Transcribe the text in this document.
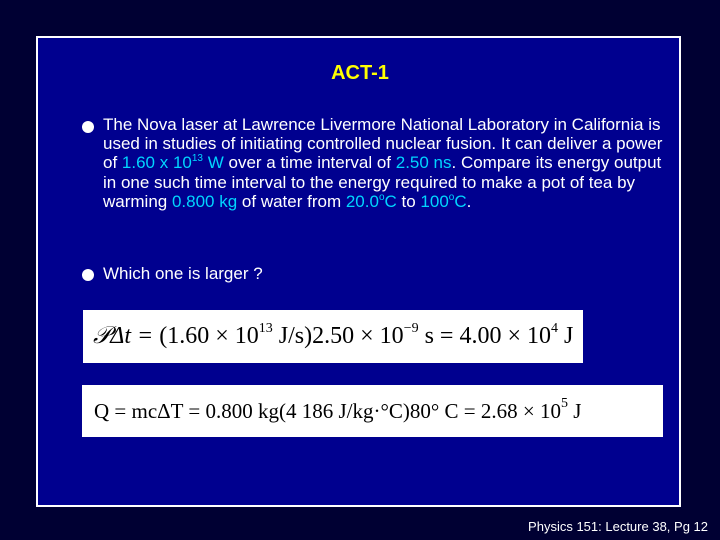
ACT-1
The Nova laser at Lawrence Livermore National Laboratory in California is used in studies of initiating controlled nuclear fusion. It can deliver a power of 1.60 x $10^{13}$ W over a time interval of 2.50 ns. Compare its energy output in one such time interval to the energy required to make a pot of tea by warming 0.800 kg of water from 20.0$^o$C to 100$^o$C.
Which one is larger ?
𝒫Δt = ($1.60 \times 10^{13}$ $J/s)2.50 \times 10^{-9}$ $s = 4.00 \times 10^4$ J
Q = mcΔT = 0.800 kg(4 186 J/kg·°C)80° $C = 2.68 \times 10^5$ J
Physics 151: Lecture 38, Pg 12
